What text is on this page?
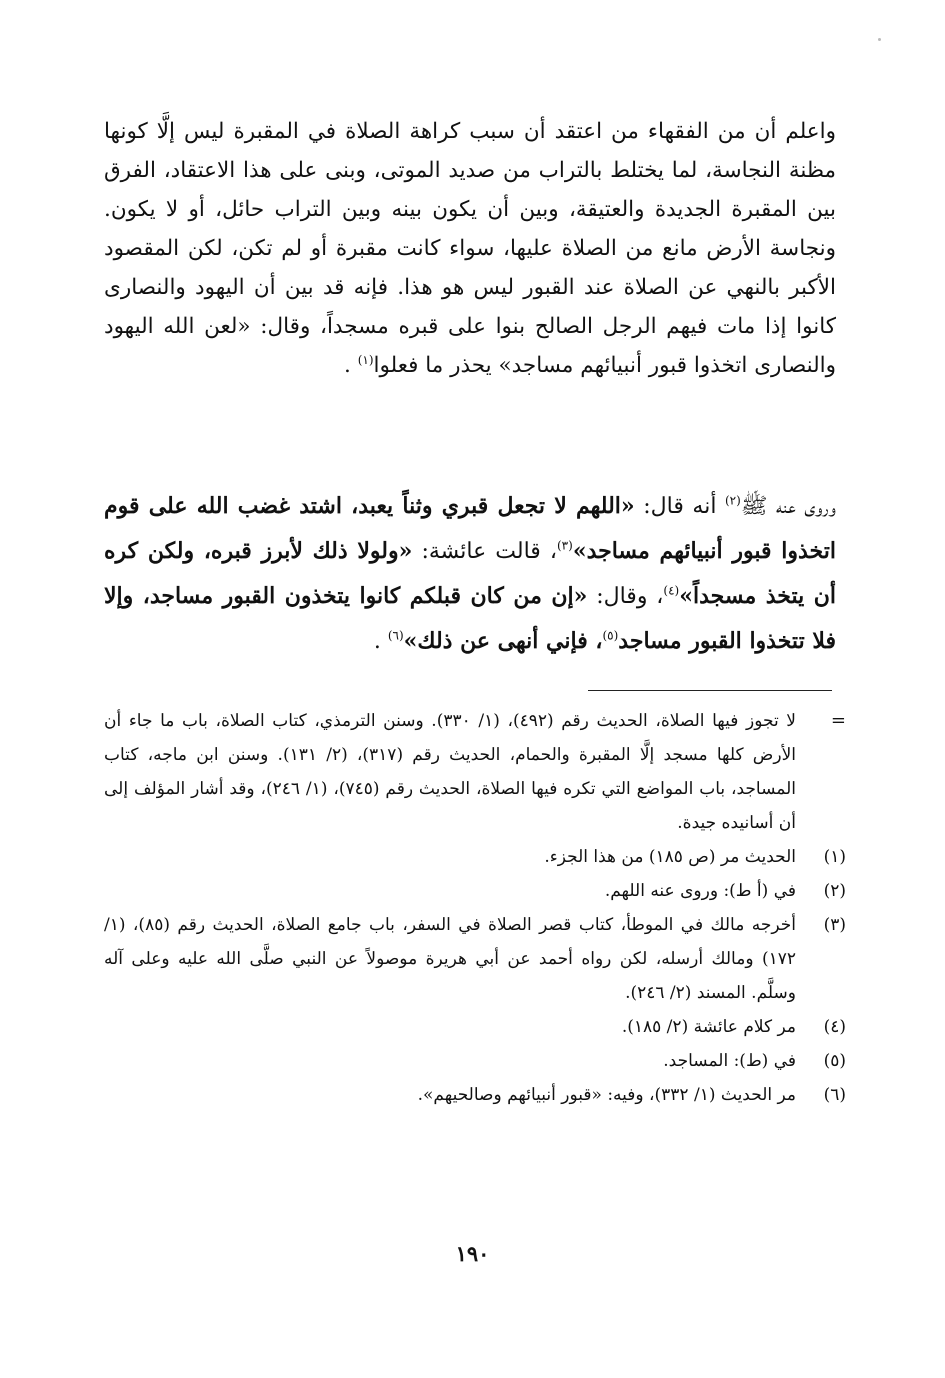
واعلم أن من الفقهاء من اعتقد أن سبب كراهة الصلاة في المقبرة ليس إلَّا كونها مظنة النجاسة، لما يختلط بالتراب من صديد الموتى، وبنى على هذا الاعتقاد، الفرق بين المقبرة الجديدة والعتيقة، وبين أن يكون بينه وبين التراب حائل، أو لا يكون. ونجاسة الأرض مانع من الصلاة عليها، سواء كانت مقبرة أو لم تكن، لكن المقصود الأكبر بالنهي عن الصلاة عند القبور ليس هو هذا. فإنه قد بين أن اليهود والنصارى كانوا إذا مات فيهم الرجل الصالح بنوا على قبره مسجداً، وقال: «لعن الله اليهود والنصارى اتخذوا قبور أنبيائهم مساجد» يحذر ما فعلوا$^{(١)}$ .

وروى عنه ﷺ$^{(٢)}$ أنه قال: «اللهم لا تجعل قبري وثناً يعبد، اشتد غضب الله على قوم اتخذوا قبور أنبيائهم مساجد»$^{(٣)}$، قالت عائشة: «ولولا ذلك لأبرز قبره، ولكن كره أن يتخذ مسجداً»$^{(٤)}$، وقال: «إن من كان قبلكم كانوا يتخذون القبور مساجد، وإلا فلا تتخذوا القبور مساجد$^{(٥)}$، فإني أنهى عن ذلك»$^{(٦)}$ .

=
لا تجوز فيها الصلاة، الحديث رقم (٤٩٢)، (١/ ٣٣٠). وسنن الترمذي، كتاب الصلاة، باب ما جاء أن الأرض كلها مسجد إلَّا المقبرة والحمام، الحديث رقم (٣١٧)، (٢/ ١٣١). وسنن ابن ماجه، كتاب المساجد، باب المواضع التي تكره فيها الصلاة، الحديث رقم (٧٤٥)، (١/ ٢٤٦)، وقد أشار المؤلف إلى أن أسانيده جيدة.
(١)
الحديث مر (ص ١٨٥) من هذا الجزء.
(٢)
في (أ ط): وروى عنه اللهم.
(٣)
أخرجه مالك في الموطأ، كتاب قصر الصلاة في السفر، باب جامع الصلاة، الحديث رقم (٨٥)، (١/ ١٧٢) ومالك أرسله، لكن رواه أحمد عن أبي هريرة موصولاً عن النبي صلَّى الله عليه وعلى آله وسلَّم. المسند (٢/ ٢٤٦).
(٤)
مر كلام عائشة (٢/ ١٨٥).
(٥)
في (ط): المساجد.
(٦)
مر الحديث (١/ ٣٣٢)، وفيه: «قبور أنبيائهم وصالحيهم».
١٩٠
